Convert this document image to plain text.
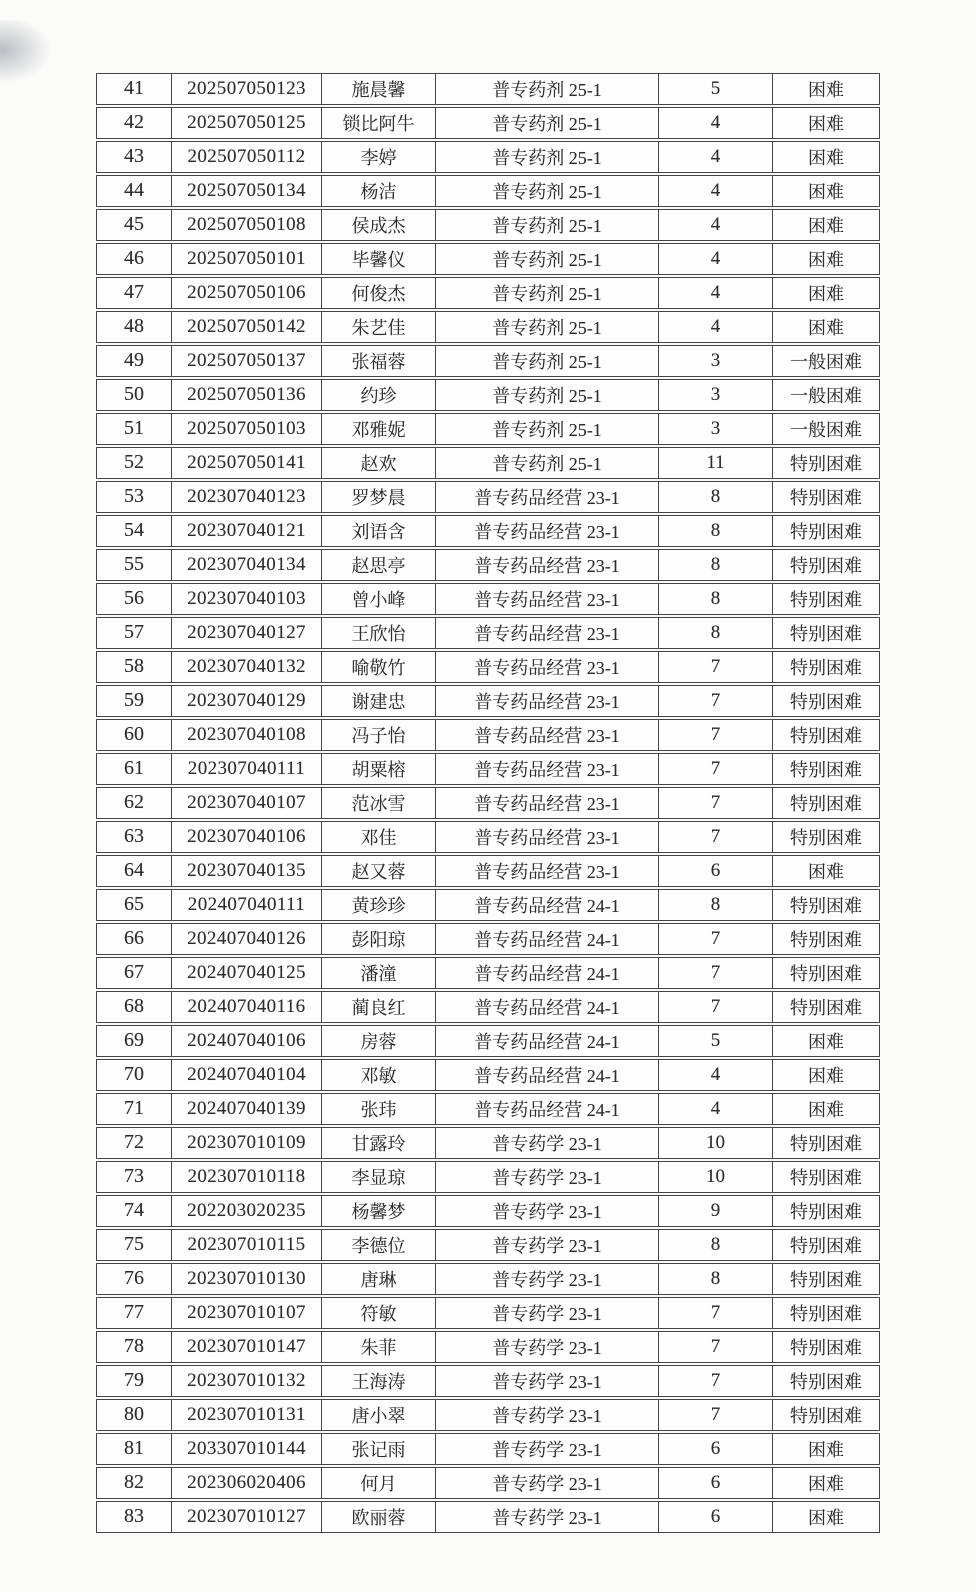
41	202507050123	施晨馨	普专药剂 25-1	5	困难
42	202507050125	锁比阿牛	普专药剂 25-1	4	困难
43	202507050112	李婷	普专药剂 25-1	4	困难
44	202507050134	杨洁	普专药剂 25-1	4	困难
45	202507050108	侯成杰	普专药剂 25-1	4	困难
46	202507050101	毕馨仪	普专药剂 25-1	4	困难
47	202507050106	何俊杰	普专药剂 25-1	4	困难
48	202507050142	朱艺佳	普专药剂 25-1	4	困难
49	202507050137	张福蓉	普专药剂 25-1	3	一般困难
50	202507050136	约珍	普专药剂 25-1	3	一般困难
51	202507050103	邓雅妮	普专药剂 25-1	3	一般困难
52	202507050141	赵欢	普专药剂 25-1	11	特别困难
53	202307040123	罗梦晨	普专药品经营 23-1	8	特别困难
54	202307040121	刘语含	普专药品经营 23-1	8	特别困难
55	202307040134	赵思亭	普专药品经营 23-1	8	特别困难
56	202307040103	曾小峰	普专药品经营 23-1	8	特别困难
57	202307040127	王欣怡	普专药品经营 23-1	8	特别困难
58	202307040132	喻敬竹	普专药品经营 23-1	7	特别困难
59	202307040129	谢建忠	普专药品经营 23-1	7	特别困难
60	202307040108	冯子怡	普专药品经营 23-1	7	特别困难
61	202307040111	胡粟榕	普专药品经营 23-1	7	特别困难
62	202307040107	范冰雪	普专药品经营 23-1	7	特别困难
63	202307040106	邓佳	普专药品经营 23-1	7	特别困难
64	202307040135	赵又蓉	普专药品经营 23-1	6	困难
65	202407040111	黄珍珍	普专药品经营 24-1	8	特别困难
66	202407040126	彭阳琼	普专药品经营 24-1	7	特别困难
67	202407040125	潘潼	普专药品经营 24-1	7	特别困难
68	202407040116	蔺良红	普专药品经营 24-1	7	特别困难
69	202407040106	房蓉	普专药品经营 24-1	5	困难
70	202407040104	邓敏	普专药品经营 24-1	4	困难
71	202407040139	张玮	普专药品经营 24-1	4	困难
72	202307010109	甘露玲	普专药学 23-1	10	特别困难
73	202307010118	李显琼	普专药学 23-1	10	特别困难
74	202203020235	杨馨梦	普专药学 23-1	9	特别困难
75	202307010115	李德位	普专药学 23-1	8	特别困难
76	202307010130	唐琳	普专药学 23-1	8	特别困难
77	202307010107	符敏	普专药学 23-1	7	特别困难
78	202307010147	朱菲	普专药学 23-1	7	特别困难
79	202307010132	王海涛	普专药学 23-1	7	特别困难
80	202307010131	唐小翠	普专药学 23-1	7	特别困难
81	203307010144	张记雨	普专药学 23-1	6	困难
82	202306020406	何月	普专药学 23-1	6	困难
83	202307010127	欧丽蓉	普专药学 23-1	6	困难
